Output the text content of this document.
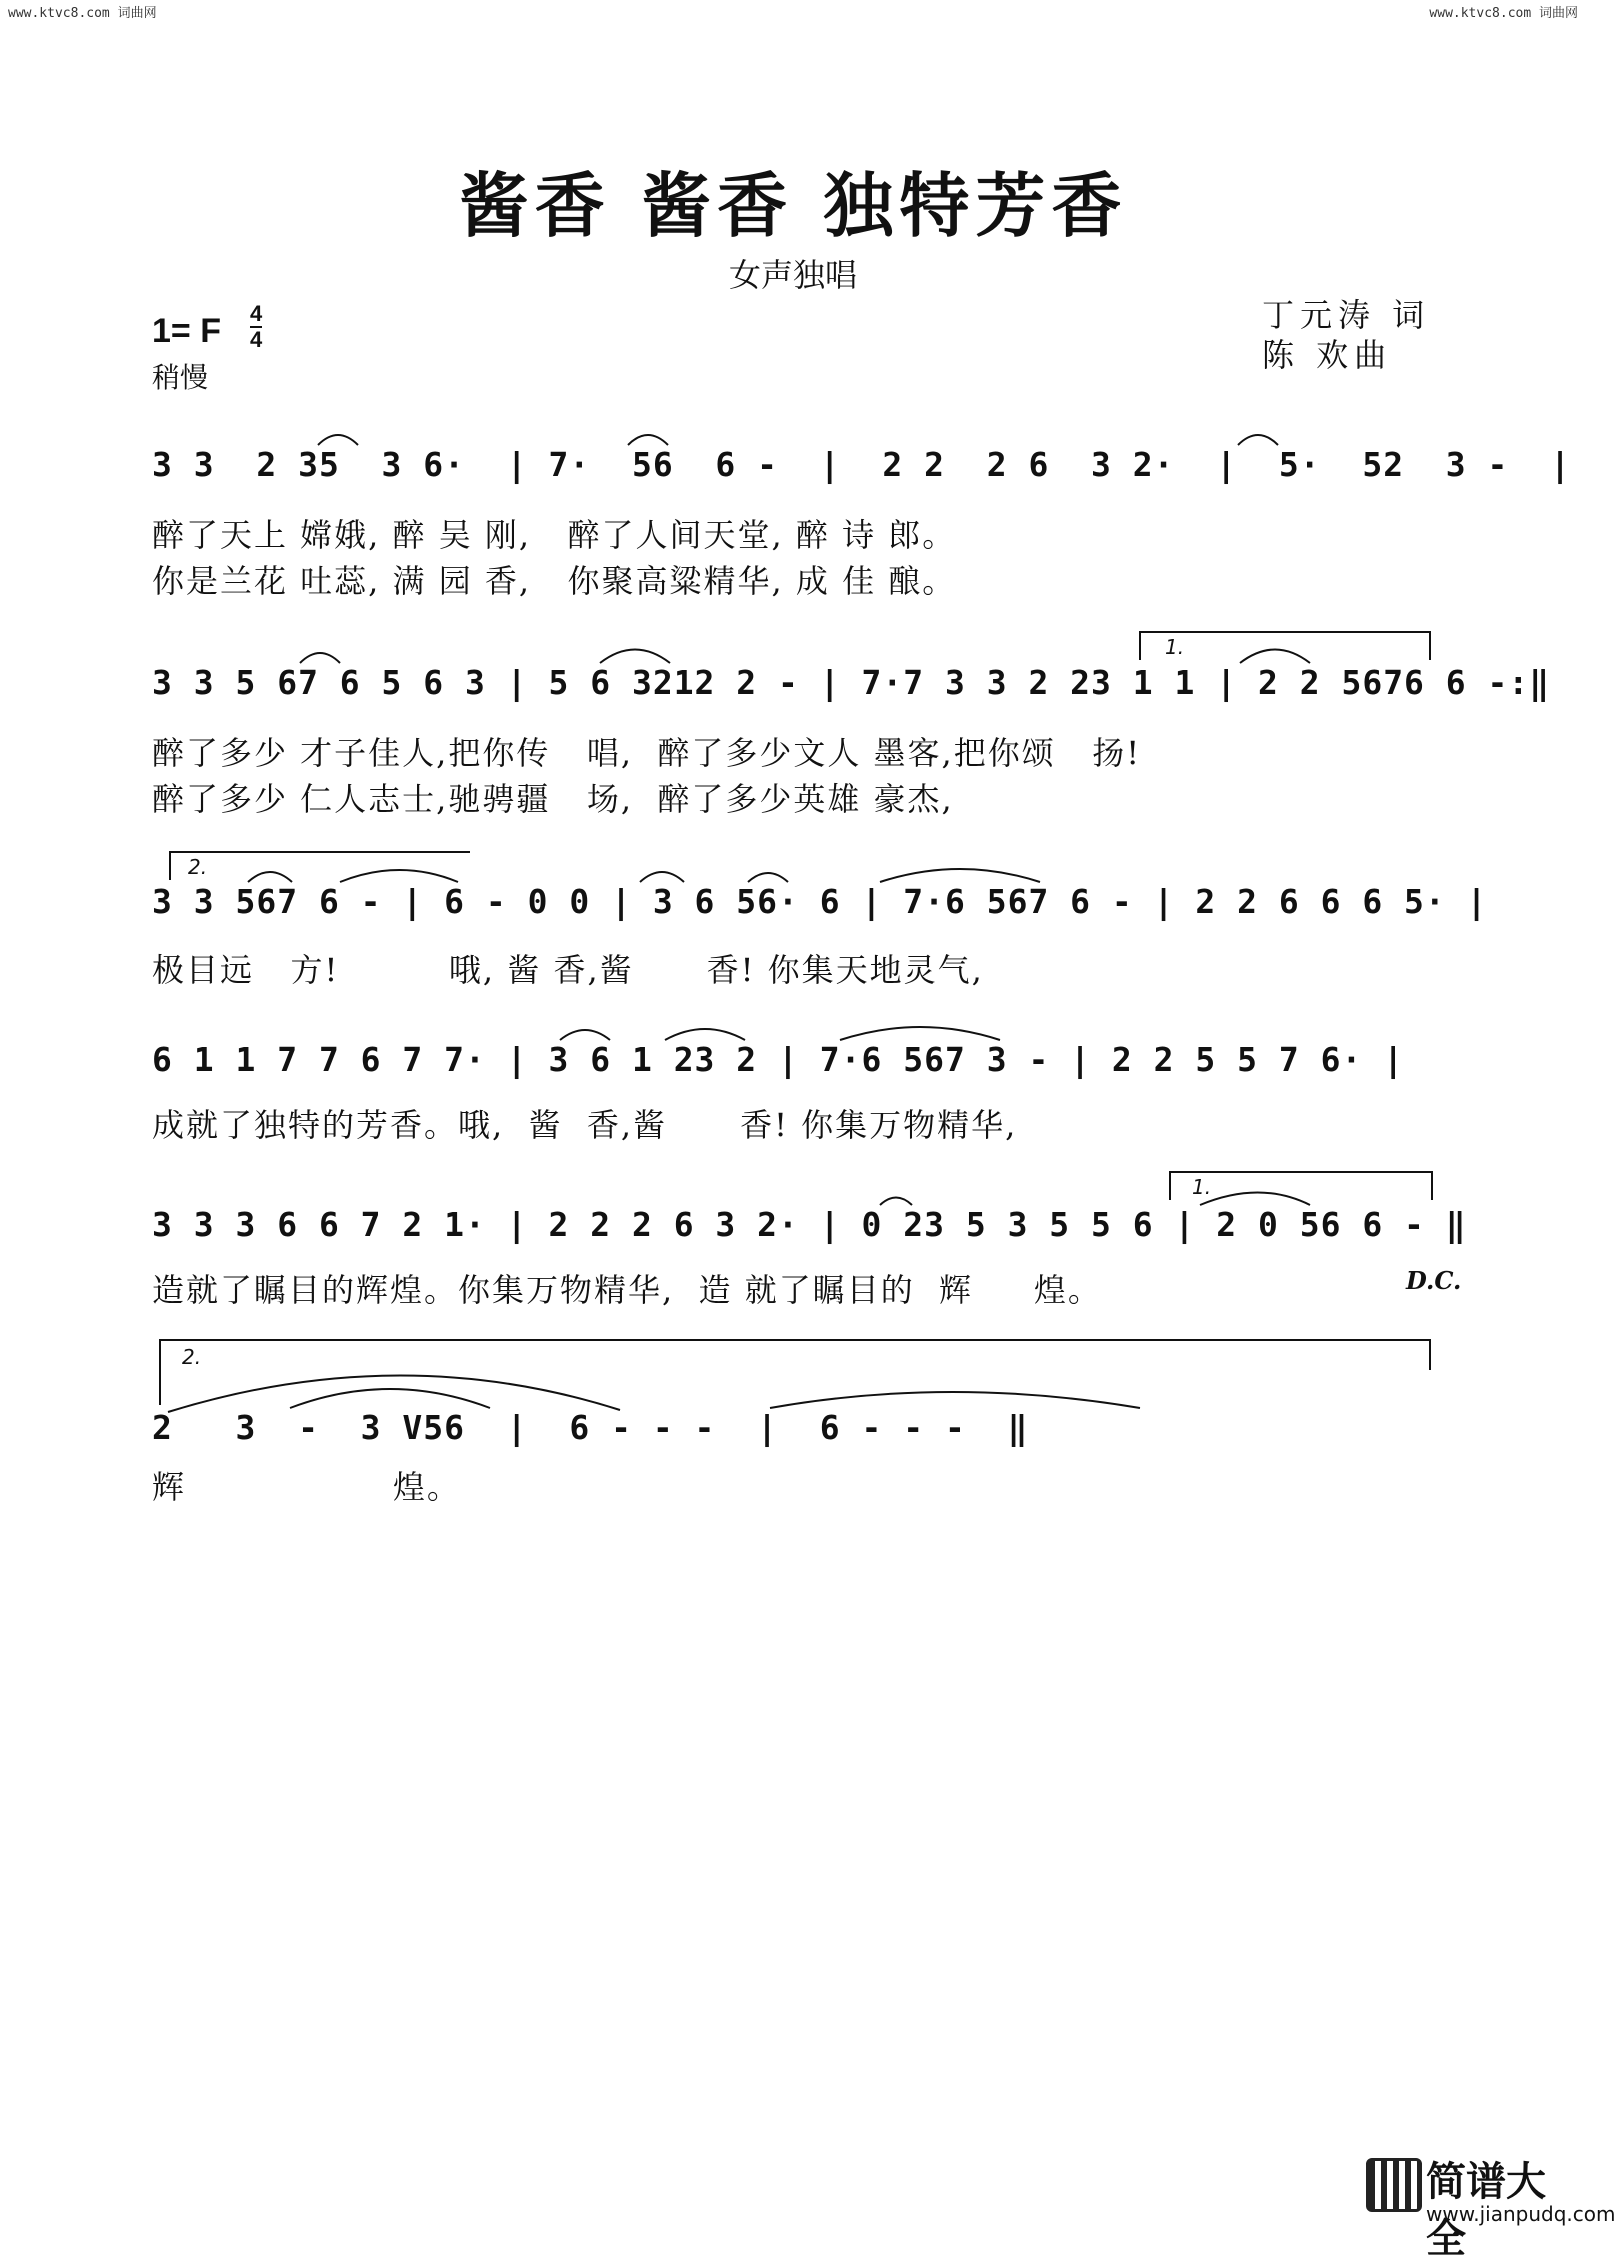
www.ktvc8.com 词曲网	www.ktvc8.com 词曲网
酱香 酱香 独特芳香
女声独唱
丁元涛 词
陈 欢曲
1= F 4
4
稍慢
3 3  2 35  3 6·  | 7·  56  6 -  |  2 2  2 6  3 2·  |  5·  52  3 -  |
醉了天上 嫦娥, 醉 吴 刚,   醉了人间天堂, 醉 诗 郎。
你是兰花 吐蕊, 满 园 香,   你聚高粱精华, 成 佳 酿。
3 3 5 67 6 5 6 3 | 5 6 3212 2 - | 7·7 3 3 2 23 1 1 | 2 2 5676 6 -:‖
醉了多少 才子佳人,把你传   唱,  醉了多少文人 墨客,把你颂   扬!
醉了多少 仁人志士,驰骋疆   场,  醉了多少英雄 豪杰,
3 3 567 6 - | 6 - 0 0 | 3 6 56· 6 | 7·6 567 6 - | 2 2 6 6 6 5· |
极目远   方!         哦, 酱 香,酱      香! 你集天地灵气,
6 1 1 7 7 6 7 7· | 3 6 1 23 2 | 7·6 567 3 - | 2 2 5 5 7 6· |
成就了独特的芳香。哦,  酱  香,酱      香! 你集万物精华,
3 3 3 6 6 7 2 1· | 2 2 2 6 3 2· | 0 23 5 3 5 5 6 | 2 0 56 6 - ‖
造就了瞩目的辉煌。你集万物精华,  造 就了瞩目的  辉     煌。	D.C.
2   3  -  3 V56  |  6 - - -  |  6 - - -  ‖
辉                 煌。
1.
2.
1.
2.
简谱大全
www.jianpudq.com
